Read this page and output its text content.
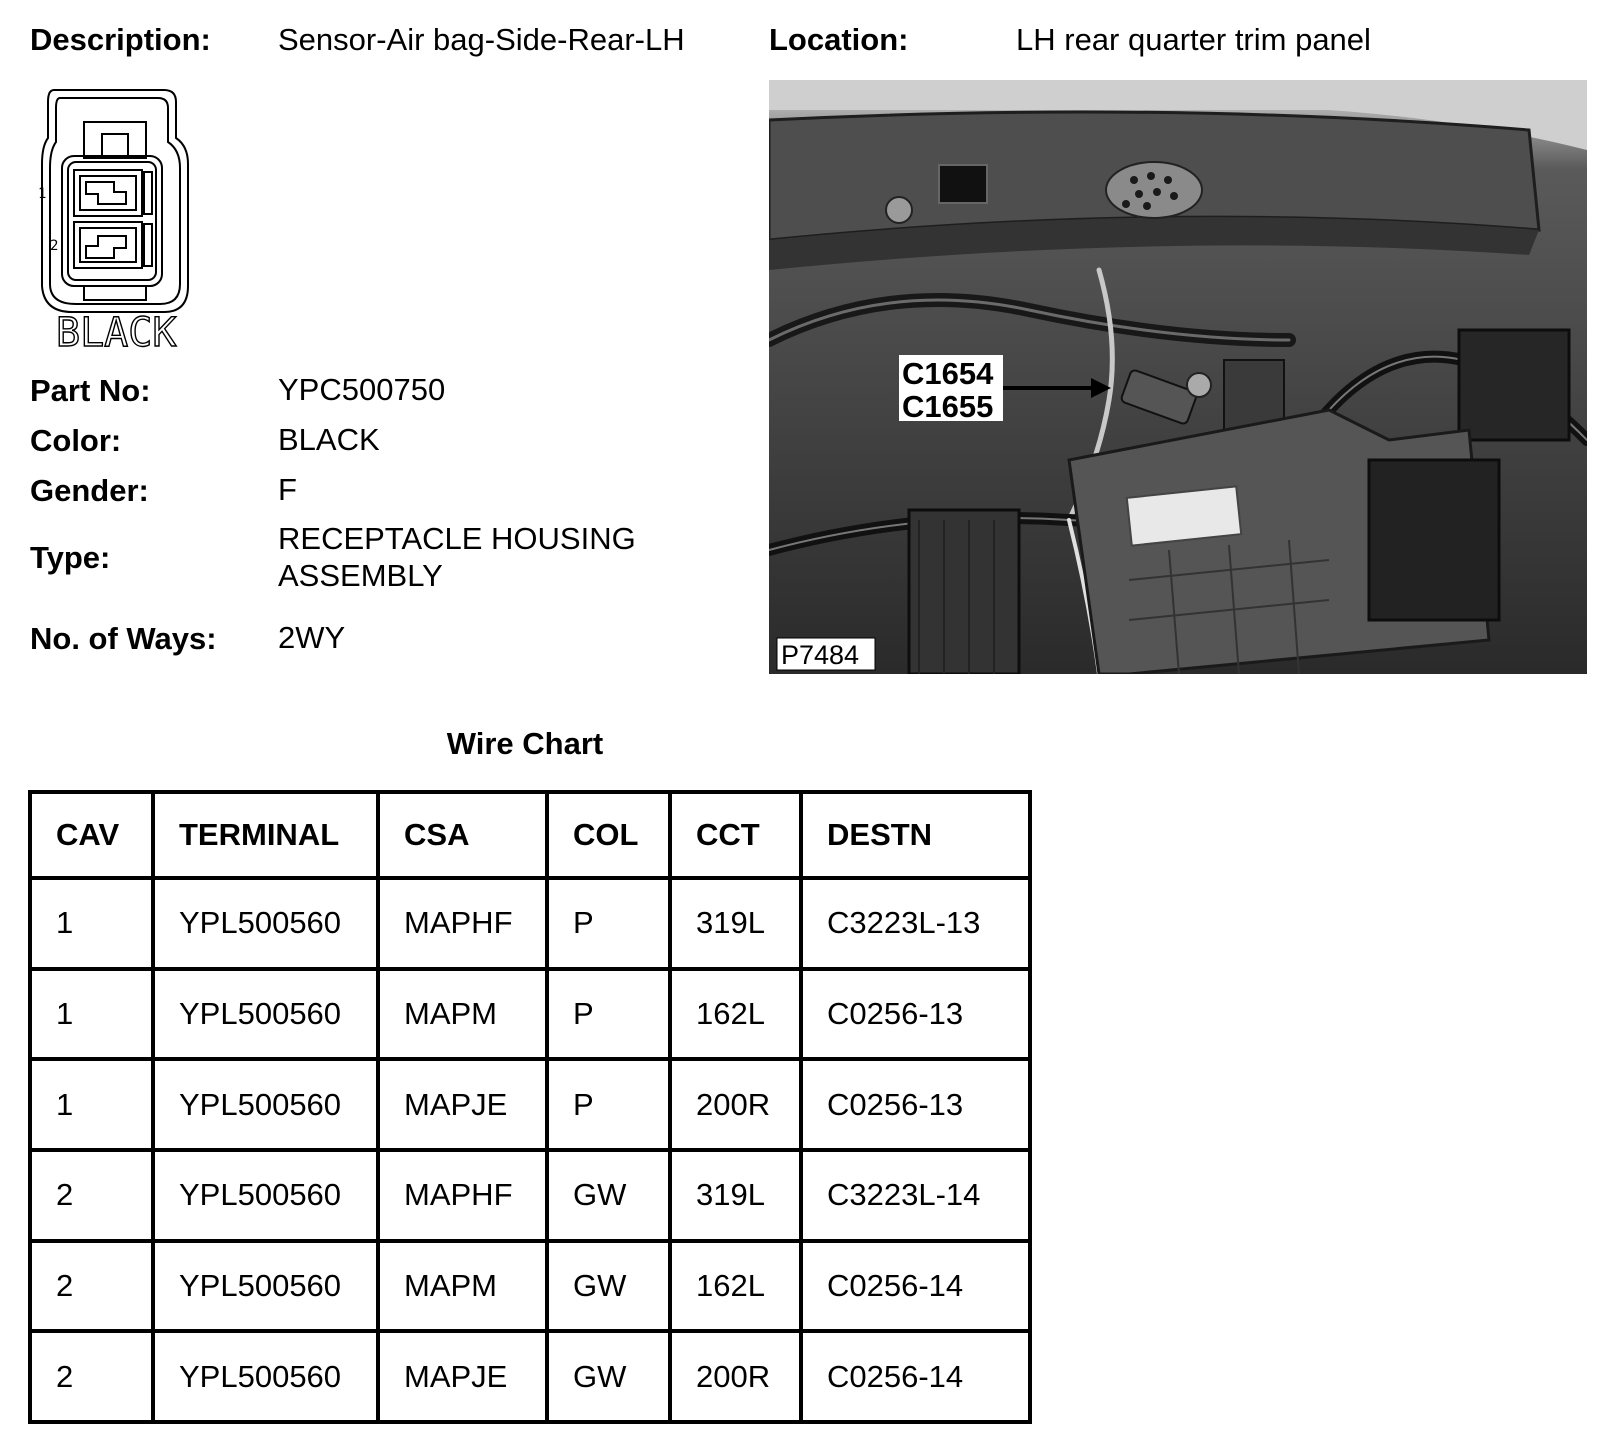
Description: Sensor-Air bag-Side-Rear-LH	Location:	LH rear quarter trim panel
1
2
BLACK
Part No:	YPC500750
Color:	BLACK
Gender:	F
Type:
RECEPTACLE HOUSING
ASSEMBLY
No. of Ways: 2WY
C1654
C1655
P7484
Wire Chart
CAV	TERMINAL	CSA	COL	CCT	DESTN
1	YPL500560	MAPHF	P	319L	C3223L-13
1	YPL500560	MAPM	P	162L	C0256-13
1	YPL500560	MAPJE	P	200R	C0256-13
2	YPL500560	MAPHF	GW	319L	C3223L-14
2	YPL500560	MAPM	GW	162L	C0256-14
2	YPL500560	MAPJE	GW	200R	C0256-14
